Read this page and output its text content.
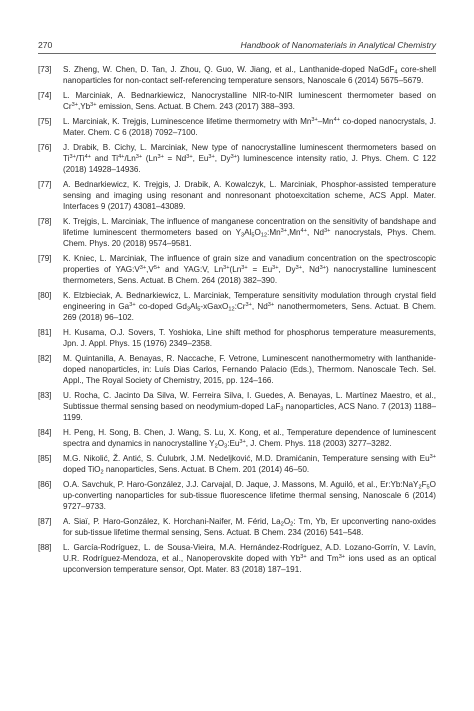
270	Handbook of Nanomaterials in Analytical Chemistry
[73]	S. Zheng, W. Chen, D. Tan, J. Zhou, Q. Guo, W. Jiang, et al., Lanthanide-doped NaGdF$_4$ core-shell nanoparticles for non-contact self-referencing temperature sensors, Nanoscale 6 (2014) 5675–5679.
[74]	L. Marciniak, A. Bednarkiewicz, Nanocrystalline NIR-to-NIR luminescent thermometer based on $Cr^{3+},Yb^{3+}$ emission, Sens. Actuat. B Chem. 243 (2017) 388–393.
[75]	L. Marciniak, K. Trejgis, Luminescence lifetime thermometry with $Mn^{3+}-Mn^{4+}$ co-doped nanocrystals, J. Mater. Chem. C 6 (2018) 7092–7100.
[76]	J. Drabik, B. Cichy, L. Marciniak, New type of nanocrystalline luminescent thermometers based on $Ti^{3+}/Ti^{4+}$ and $Ti^{4+}/Ln^{3+}$ ($Ln^{3+} = Nd^{3+}$, $Eu^{3+}$, $Dy^{3+}$) luminescence intensity ratio, J. Phys. Chem. C 122 (2018) 14928–14936.
[77]	A. Bednarkiewicz, K. Trejgis, J. Drabik, A. Kowalczyk, L. Marciniak, Phosphor-assisted temperature sensing and imaging using resonant and nonresonant photoexcitation scheme, ACS Appl. Mater. Interfaces 9 (2017) 43081–43089.
[78]	K. Trejgis, L. Marciniak, The influence of manganese concentration on the sensitivity of bandshape and lifetime luminescent thermometers based on $Y_3Al_5O_{12}:Mn^{3+},Mn^{4+}$, $Nd^{3+}$ nanocrystals, Phys. Chem. Chem. Phys. 20 (2018) 9574–9581.
[79]	K. Kniec, L. Marciniak, The influence of grain size and vanadium concentration on the spectroscopic properties of $YAG:V^{3+},V^{5+}$ and YAG:V, $Ln^{3+}(Ln^{3+} = Eu^{3+}$, $Dy^{3+}$, $Nd^{3+}$) nanocrystalline luminescent thermometers, Sens. Actuat. B Chem. 264 (2018) 382–390.
[80]	K. Elzbieciak, A. Bednarkiewicz, L. Marciniak, Temperature sensitivity modulation through crystal field engineering in $Ga^{3+}$ co-doped $Gd_3Al_5-xGaxO_{12}:Cr^{3+}$, $Nd^{3+}$ nanothermometers, Sens. Actuat. B Chem. 269 (2018) 96–102.
[81]	H. Kusama, O.J. Sovers, T. Yoshioka, Line shift method for phosphorus temperature measurements, Jpn. J. Appl. Phys. 15 (1976) 2349–2358.
[82]	M. Quintanilla, A. Benayas, R. Naccache, F. Vetrone, Luminescent nanothermometry with lanthanide-doped nanoparticles, in: Luís Dias Carlos, Fernando Palacio (Eds.), Thermom. Nanoscale Tech. Sel. Appl., The Royal Society of Chemistry, 2015, pp. 124–166.
[83]	U. Rocha, C. Jacinto Da Silva, W. Ferreira Silva, I. Guedes, A. Benayas, L. Martínez Maestro, et al., Subtissue thermal sensing based on neodymium-doped LaF$_3$ nanoparticles, ACS Nano. 7 (2013) 1188–1199.
[84]	H. Peng, H. Song, B. Chen, J. Wang, S. Lu, X. Kong, et al., Temperature dependence of luminescent spectra and dynamics in nanocrystalline $Y_2O_3:Eu^{3+}$, J. Chem. Phys. 118 (2003) 3277–3282.
[85]	M.G. Nikolić, Ž. Antić, S. Ćulubrk, J.M. Nedeljković, M.D. Dramićanin, Temperature sensing with $Eu^{3+}$ doped TiO$_2$ nanoparticles, Sens. Actuat. B Chem. 201 (2014) 46–50.
[86]	O.A. Savchuk, P. Haro-González, J.J. Carvajal, D. Jaque, J. Massons, M. Aguiló, et al., $Er:Yb:NaY_2F_5O$ up-converting nanoparticles for sub-tissue fluorescence lifetime thermal sensing, Nanoscale 6 (2014) 9727–9733.
[87]	A. Siaï, P. Haro-González, K. Horchani-Naifer, M. Férid, $La_2O_2$: Tm, Yb, Er upconverting nano-oxides for sub-tissue lifetime thermal sensing, Sens. Actuat. B Chem. 234 (2016) 541–548.
[88]	L. García-Rodríguez, L. de Sousa-Vieira, M.A. Hernández-Rodríguez, A.D. Lozano-Gorrín, V. Lavín, U.R. Rodríguez-Mendoza, et al., Nanoperovskite doped with $Yb^{3+}$ and $Tm^{3+}$ ions used as an optical upconversion temperature sensor, Opt. Mater. 83 (2018) 187–191.
